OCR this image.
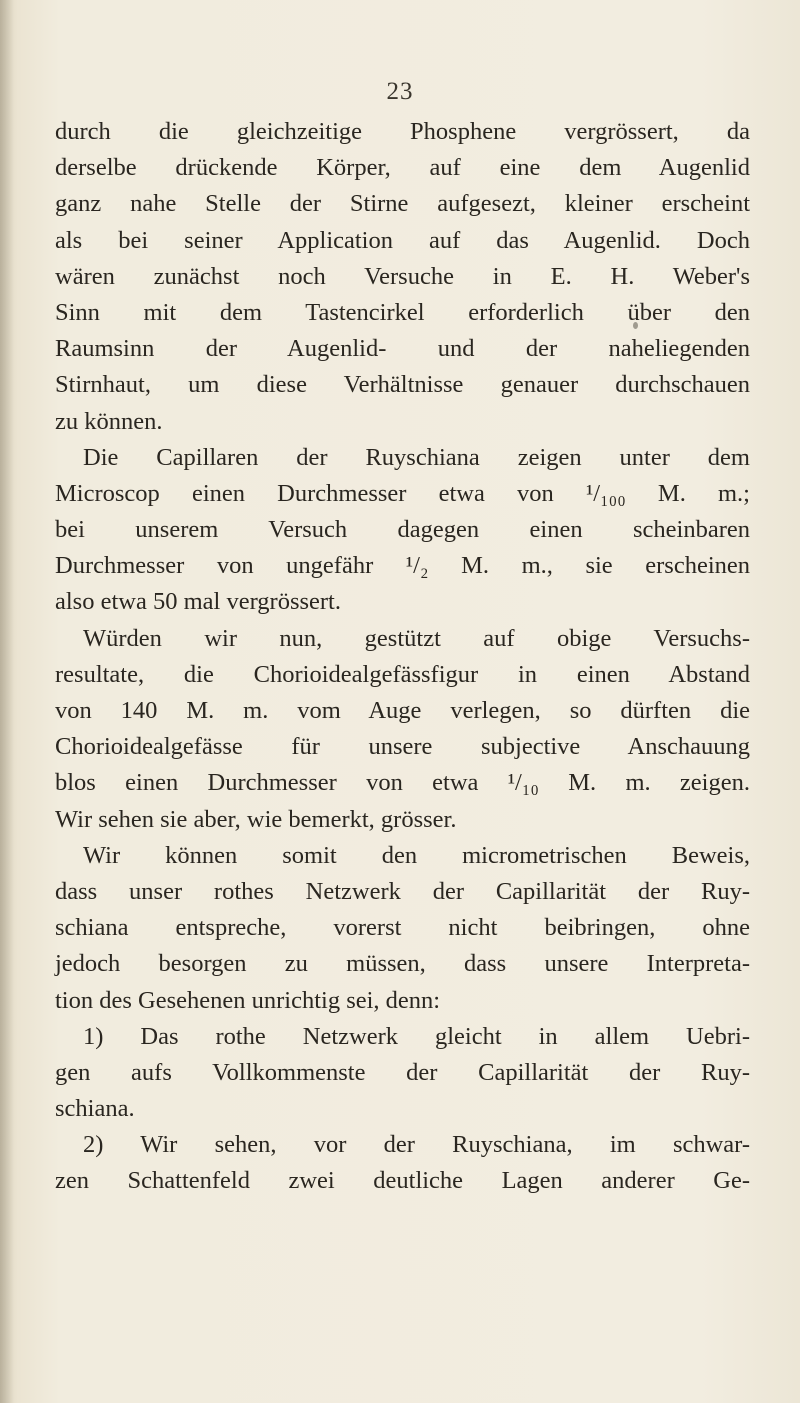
23
durch die gleichzeitige Phosphene vergrössert, da
derselbe drückende Körper, auf eine dem Augenlid
ganz nahe Stelle der Stirne aufgesezt, kleiner erscheint
als bei seiner Application auf das Augenlid. Doch
wären zunächst noch Versuche in E. H. Weber's
Sinn mit dem Tastencirkel erforderlich über den
Raumsinn der Augenlid- und der naheliegenden
Stirnhaut, um diese Verhältnisse genauer durchschauen
zu können.
Die Capillaren der Ruyschiana zeigen unter dem
Microscop einen Durchmesser etwa von ¹/₁₀₀ M. m.;
bei unserem Versuch dagegen einen scheinbaren
Durchmesser von ungefähr ¹/₂ M. m., sie erscheinen
also etwa 50 mal vergrössert.
Würden wir nun, gestützt auf obige Versuchs-
resultate, die Chorioidealgefässfigur in einen Abstand
von 140 M. m. vom Auge verlegen, so dürften die
Chorioidealgefässe für unsere subjective Anschauung
blos einen Durchmesser von etwa ¹/₁₀ M. m. zeigen.
Wir sehen sie aber, wie bemerkt, grösser.
Wir können somit den micrometrischen Beweis,
dass unser rothes Netzwerk der Capillarität der Ruy-
schiana entspreche, vorerst nicht beibringen, ohne
jedoch besorgen zu müssen, dass unsere Interpreta-
tion des Gesehenen unrichtig sei, denn:
1) Das rothe Netzwerk gleicht in allem Uebri-
gen aufs Vollkommenste der Capillarität der Ruy-
schiana.
2) Wir sehen, vor der Ruyschiana, im schwar-
zen Schattenfeld zwei deutliche Lagen anderer Ge-
